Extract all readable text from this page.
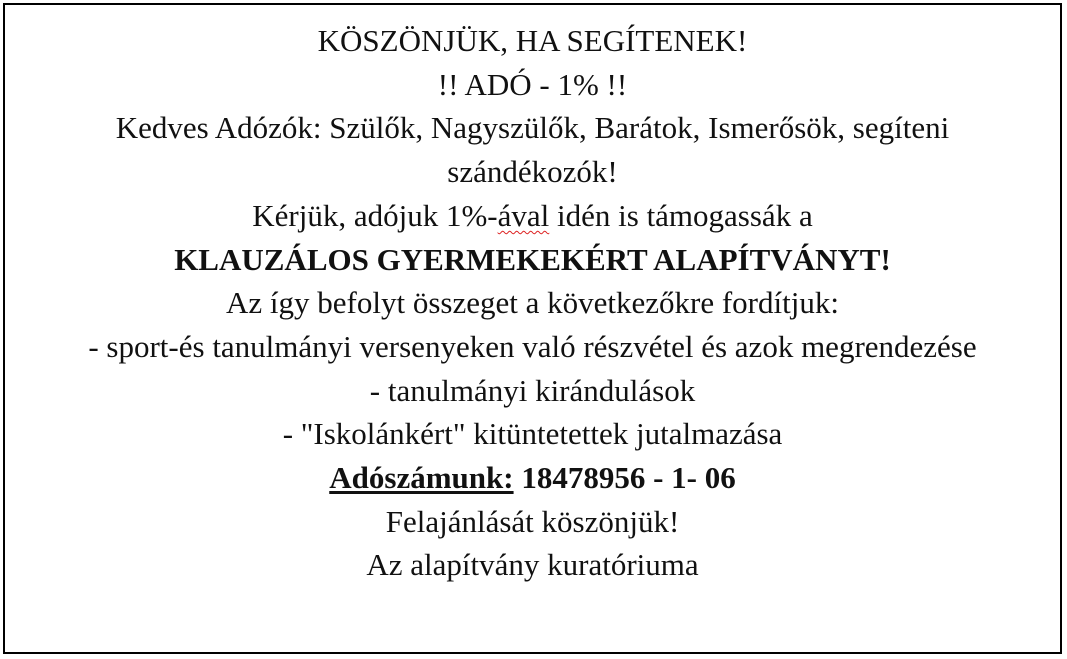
KÖSZÖNJÜK, HA SEGÍTENEK!
!! ADÓ - 1% !!
Kedves Adózók: Szülők, Nagyszülők, Barátok, Ismerősök, segíteni
szándékozók!
Kérjük, adójuk 1%-ával idén is támogassák a
KLAUZÁLOS GYERMEKEKÉRT ALAPÍTVÁNYT!
Az így befolyt összeget a következőkre fordítjuk:
- sport-és tanulmányi versenyeken való részvétel és azok megrendezése
- tanulmányi kirándulások
- "Iskolánkért" kitüntetettek jutalmazása
Adószámunk: 18478956 - 1- 06
Felajánlását köszönjük!
Az alapítvány kuratóriuma
